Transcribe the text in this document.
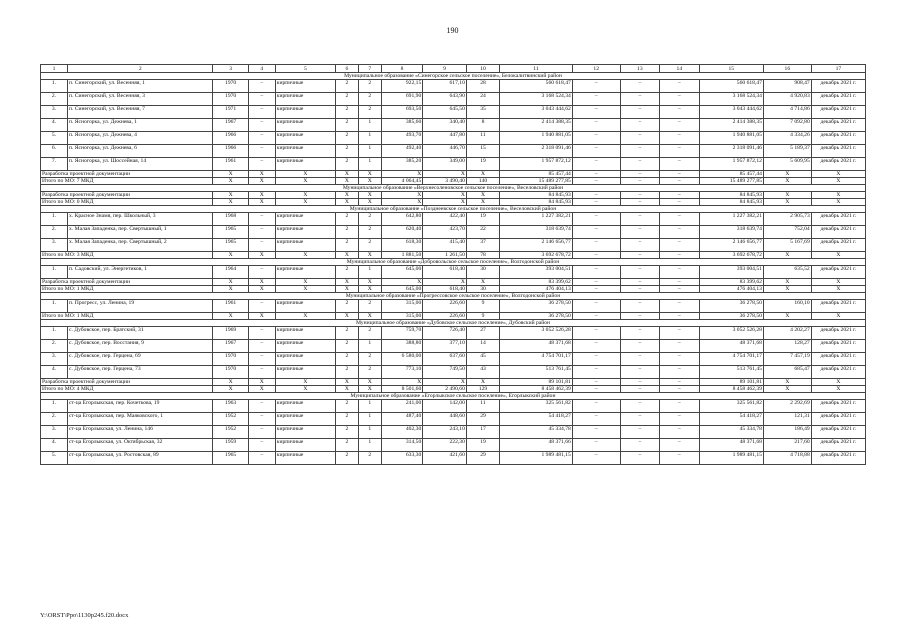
190
1	2	3	4	5	6	7	8	9	10	11	12	13	14	15	16	17
Муниципальное образование «Синегорское сельское поселение», Белокалитвинский район																
1.	п. Синегорский, ул. Весенняя, 1	1970	–	кирпичные	2	2	922,15	617,10	28	560 618,47	–	–	–	560 618,47	908,47	декабрь 2021 г.
2.	п. Синегорский, ул. Весенняя, 3	1970	–	кирпичные	2	2	691,90	643,90	24	3 168 524,34	–	–	–	3 168 524,34	4 920,83	декабрь 2021 г.
3.	п. Синегорский, ул. Весенняя, 7	1971	–	кирпичные	2	2	693,50	645,50	35	3 043 444,62	–	–	–	3 043 444,62	4 714,86	декабрь 2021 г.
4.	п. Ясногорка, ул. Дежнева, 1	1967	–	кирпичные	2	1	385,60	340,40	8	2 414 388,35	–	–	–	2 414 388,35	7 092,80	декабрь 2021 г.
5.	п. Ясногорка, ул. Дежнева, 4	1966	–	кирпичные	2	1	493,70	447,80	11	1 940 881,05	–	–	–	1 940 881,05	4 334,26	декабрь 2021 г.
6.	п. Ясногорка, ул. Дежнева, 6	1966	–	кирпичные	2	1	492,40	446,70	15	2 318 091,46	–	–	–	2 318 091,46	5 189,37	декабрь 2021 г.
7.	п. Ясногорка, ул. Шоссейная, 14	1961	–	кирпичные	2	1	385,20	349,00	19	1 957 872,12	–	–	–	1 957 872,12	5 609,95	декабрь 2021 г.
Разработка проектной документации		X	X	X	X	X	X	X	X	85 457,44	–	–	–	85 457,44	X	X
Итого по МО: 7 МКД		X	X	X	X	X	4 064,45	3 490,40	140	15 489 277,85	–	–	–	15 489 277,85	X	X
Муниципальное образование «Верхнесоленовское сельское поселение», Веселовский район																
Разработка проектной документации		X	X	X	X	X	X	X	X	84 845,93	–	–	–	84 845,93	X	X
Итого по МО: 0 МКД		X	X	X	X	X	X	X	X	84 845,93	–	–	–	84 845,93	X	X
Муниципальное образование «Позднеевское сельское поселение», Веселовский район																
1.	х. Красное Знамя, пер. Школьный, 3	1968	–	кирпичные	2	2	642,80	422,40	19	1 227 382,21	–	–	–	1 227 382,21	2 905,73	декабрь 2021 г.
2.	х. Малая Западенка, пер. Свертышный, 1	1965	–	кирпичные	2	2	620,40	423,70	22	318 639,74	–	–	–	318 639,74	752,04	декабрь 2021 г.
3.	х. Малая Западенка, пер. Свертышный, 2	1965	–	кирпичные	2	2	618,30	415,40	37	2 146 656,77	–	–	–	2 146 656,77	5 167,69	декабрь 2021 г.
Итого по МО: 3 МКД		X	X	X	X	X	1 881,50	1 261,50	78	3 692 678,72	–	–	–	3 692 678,72	X	X
Муниципальное образование «Добровольское сельское поселение», Волгодонской район																
1.	п. Садовский, ул. Энергетиков, 1	1964	–	кирпичные	2	1	645,00	618,40	30	393 004,51	–	–	–	393 004,51	635,52	декабрь 2021 г.
Разработка проектной документации		X	X	X	X	X	X	X	X	83 399,62	–	–	–	83 399,62	X	X
Итого по МО: 1 МКД		X	X	X	X	X	645,00	618,40	30	476 404,13	–	–	–	476 404,13	X	X
Муниципальное образование «Прогрессовское сельское поселение», Волгодонской район																
1.	п. Прогресс, ул. Ленина, 19	1961	–	кирпичные	2	2	315,00	226,60	9	36 278,50	–	–	–	36 278,50	160,10	декабрь 2021 г.
Итого по МО: 1 МКД		X	X	X	X	X	315,00	226,60	9	36 278,50	–	–	–	36 278,50	X	X
Муниципальное образование «Дубовское сельское поселение», Дубовский район																
1.	с. Дубовское, пер. Братский, 31	1969	–	кирпичные	2	2	759,70	726,40	27	3 052 526,28	–	–	–	3 052 526,28	4 202,27	декабрь 2021 г.
2.	с. Дубовское, пер. Восстания, 9	1967	–	кирпичные	2	1	388,80	377,10	14	48 371,68	–	–	–	48 371,68	128,27	декабрь 2021 г.
3.	с. Дубовское, пер. Герцена, 69	1970	–	кирпичные	2	2	6 580,00	637,60	45	4 754 701,17	–	–	–	4 754 701,17	7 457,19	декабрь 2021 г.
4.	с. Дубовское, пер. Герцена, 73	1970	–	кирпичные	2	2	773,10	749,50	43	513 761,45	–	–	–	513 761,45	685,47	декабрь 2021 г.
Разработка проектной документации		X	X	X	X	X	X	X	X	89 101,81	–	–	–	89 101,81	X	X
Итого по МО: 4 МКД		X	X	X	X	X	8 501,60	2 490,60	129	8 458 462,39	–	–	–	8 458 462,39	X	X
Муниципальное образование «Егорлыкское сельское поселение», Егорлыкский район																
1.	ст-ца Егорлыкская, пер. Кочеткова, 19	1963	–	кирпичные	2	1	241,00	142,00	11	325 561,82	–	–	–	325 561,82	2 292,69	декабрь 2021 г.
2.	ст-ца Егорлыкская, пер. Маяковского, 1	1952	–	кирпичные	2	1	487,40	448,60	29	54 418,27	–	–	–	54 418,27	121,31	декабрь 2021 г.
3.	ст-ца Егорлыкская, ул. Ленина, 146	1952	–	кирпичные	2	1	402,30	243,10	17	45 334,78	–	–	–	45 334,78	186,49	декабрь 2021 г.
4.	ст-ца Егорлыкская, ул. Октябрьская, 32	1959	–	кирпичные	2	1	314,50	222,30	19	48 371,66	–	–	–	48 371,68	217,60	декабрь 2021 г.
5.	ст-ца Егорлыкская, ул. Ростовская, 89	1965	–	кирпичные	2	2	633,30	421,60	29	1 989 481,15	–	–	–	1 989 481,15	4 718,88	декабрь 2021 г.
Y:\ORST\Ppo\1130p245.f20.docx
